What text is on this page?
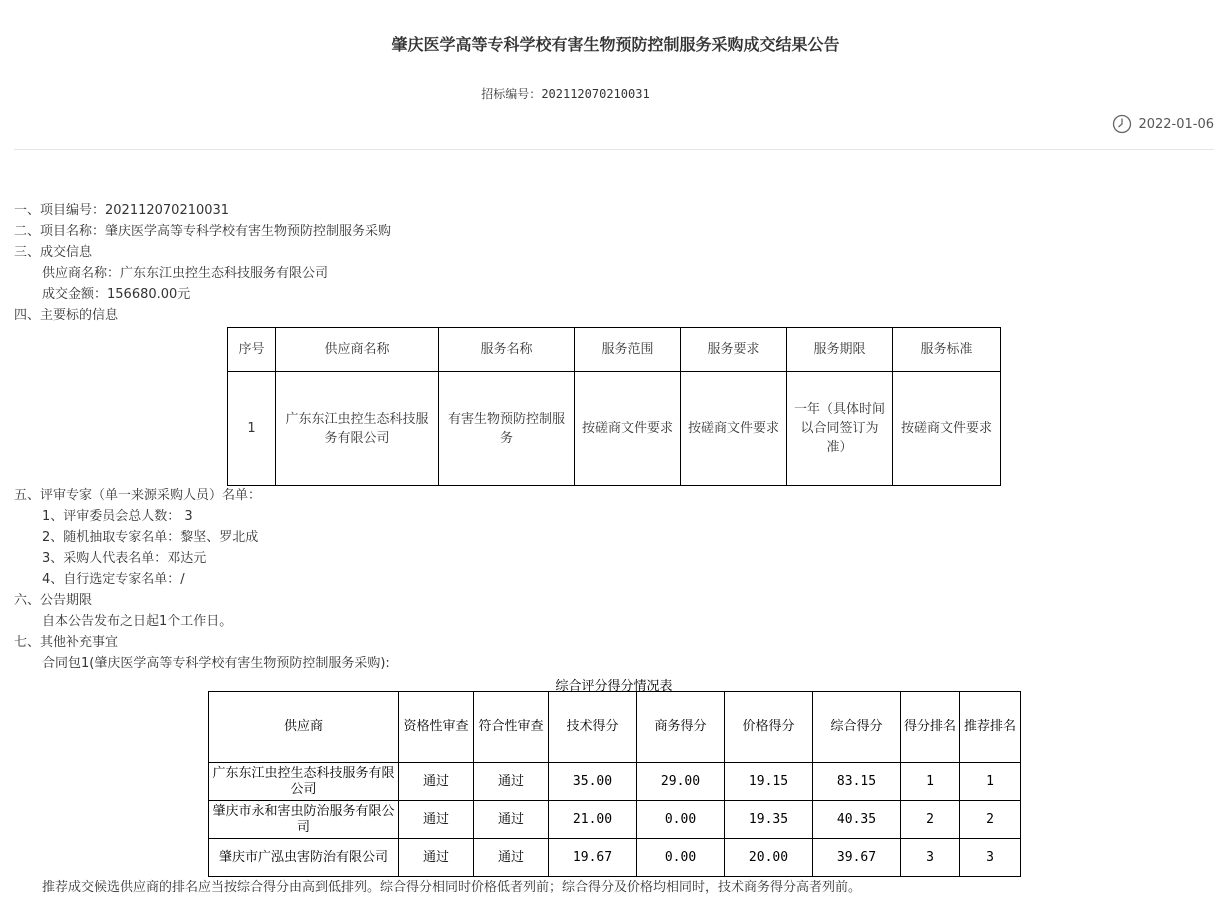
肇庆医学高等专科学校有害生物预防控制服务采购成交结果公告
招标编号：202112070210031
2022-01-06
一、项目编号：202112070210031
二、项目名称：肇庆医学高等专科学校有害生物预防控制服务采购
三、成交信息
供应商名称：广东东江虫控生态科技服务有限公司
成交金额：156680.00元
四、主要标的信息
序号	供应商名称	服务名称	服务范围	服务要求	服务期限	服务标准
1	广东东江虫控生态科技服务有限公司	有害生物预防控制服务	按磋商文件要求	按磋商文件要求	一年（具体时间以合同签订为准）	按磋商文件要求
五、评审专家（单一来源采购人员）名单：
1、评审委员会总人数： 3
2、随机抽取专家名单：黎坚、罗北成
3、采购人代表名单：邓达元
4、自行选定专家名单：/
六、公告期限
自本公告发布之日起1个工作日。
七、其他补充事宜
合同包1(肇庆医学高等专科学校有害生物预防控制服务采购):
综合评分得分情况表
供应商	资格性审查	符合性审查	技术得分	商务得分	价格得分	综合得分	得分排名	推荐排名
广东东江虫控生态科技服务有限公司	通过	通过	35.00	29.00	19.15	83.15	1	1
肇庆市永和害虫防治服务有限公司	通过	通过	21.00	0.00	19.35	40.35	2	2
肇庆市广泓虫害防治有限公司	通过	通过	19.67	0.00	20.00	39.67	3	3
推荐成交候选供应商的排名应当按综合得分由高到低排列。综合得分相同时价格低者列前；综合得分及价格均相同时，技术商务得分高者列前。
